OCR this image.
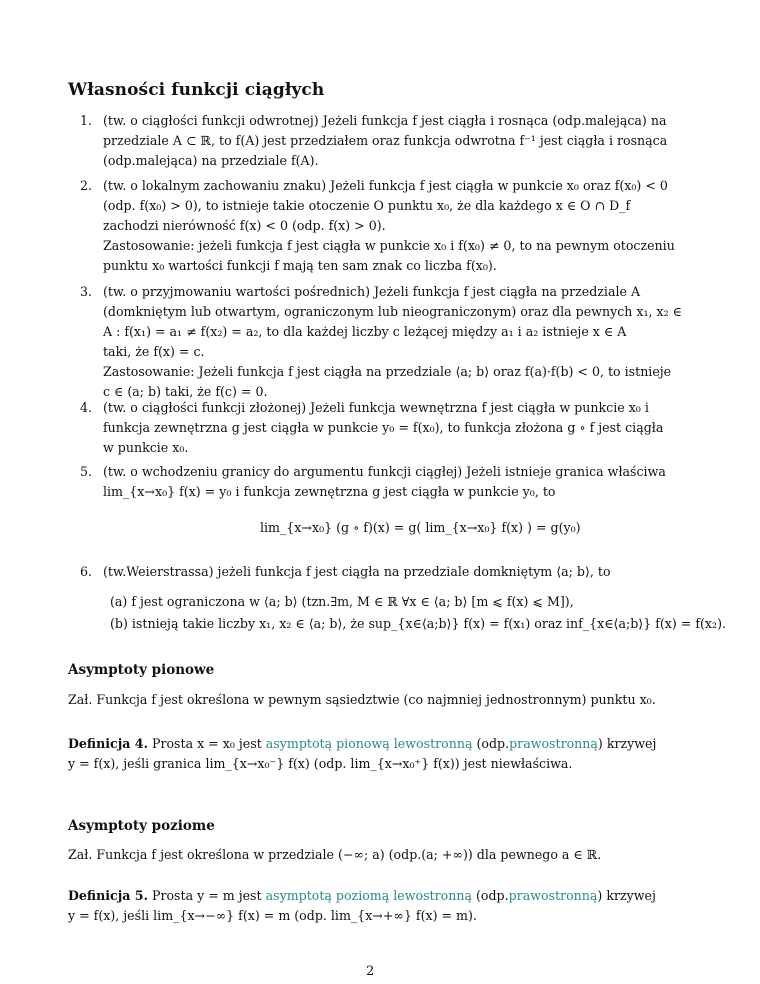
Własności funkcji ciągłych
1. (tw. o ciągłości funkcji odwrotnej) Jeżeli funkcja f jest ciągła i rosnąca (odp.malejąca) na
przedziale A ⊂ ℝ, to f(A) jest przedziałem oraz funkcja odwrotna f⁻¹ jest ciągła i rosnąca
(odp.malejąca) na przedziale f(A).
2. (tw. o lokalnym zachowaniu znaku) Jeżeli funkcja f jest ciągła w punkcie x₀ oraz f(x₀) < 0
(odp. f(x₀) > 0), to istnieje takie otoczenie O punktu x₀, że dla każdego x ∈ O ∩ D_f
zachodzi nierówność f(x) < 0 (odp. f(x) > 0).
Zastosowanie: jeżeli funkcja f jest ciągła w punkcie x₀ i f(x₀) ≠ 0, to na pewnym otoczeniu
punktu x₀ wartości funkcji f mają ten sam znak co liczba f(x₀).
3. (tw. o przyjmowaniu wartości pośrednich) Jeżeli funkcja f jest ciągła na przedziale A
(domkniętym lub otwartym, ograniczonym lub nieograniczonym) oraz dla pewnych x₁, x₂ ∈
A : f(x₁) = a₁ ≠ f(x₂) = a₂, to dla każdej liczby c leżącej między a₁ i a₂ istnieje x ∈ A
taki, że f(x) = c.
Zastosowanie: Jeżeli funkcja f jest ciągła na przedziale ⟨a; b⟩ oraz f(a)·f(b) < 0, to istnieje
c ∈ (a; b) taki, że f(c) = 0.
4. (tw. o ciągłości funkcji złożonej) Jeżeli funkcja wewnętrzna f jest ciągła w punkcie x₀ i
funkcja zewnętrzna g jest ciągła w punkcie y₀ = f(x₀), to funkcja złożona g ∘ f jest ciągła
w punkcie x₀.
5. (tw. o wchodzeniu granicy do argumentu funkcji ciągłej) Jeżeli istnieje granica właściwa
lim_{x→x₀} f(x) = y₀ i funkcja zewnętrzna g jest ciągła w punkcie y₀, to
lim_{x→x₀} (g ∘ f)(x) = g( lim_{x→x₀} f(x) ) = g(y₀)
6. (tw.Weierstrassa) jeżeli funkcja f jest ciągła na przedziale domkniętym ⟨a; b⟩, to
(a) f jest ograniczona w ⟨a; b⟩ (tzn.∃m, M ∈ ℝ ∀x ∈ ⟨a; b⟩ [m ⩽ f(x) ⩽ M]),
(b) istnieją takie liczby x₁, x₂ ∈ ⟨a; b⟩, że sup_{x∈⟨a;b⟩} f(x) = f(x₁) oraz inf_{x∈⟨a;b⟩} f(x) = f(x₂).
Asymptoty pionowe
Zał. Funkcja f jest określona w pewnym sąsiedztwie (co najmniej jednostronnym) punktu x₀.
Definicja 4. Prosta x = x₀ jest asymptotą pionową lewostronną (odp.prawostronną) krzywej
y = f(x), jeśli granica lim_{x→x₀⁻} f(x) (odp. lim_{x→x₀⁺} f(x)) jest niewłaściwa.
Asymptoty poziome
Zał. Funkcja f jest określona w przedziale (−∞; a) (odp.(a; +∞)) dla pewnego a ∈ ℝ.
Definicja 5. Prosta y = m jest asymptotą poziomą lewostronną (odp.prawostronną) krzywej
y = f(x), jeśli lim_{x→−∞} f(x) = m (odp. lim_{x→+∞} f(x) = m).
2
